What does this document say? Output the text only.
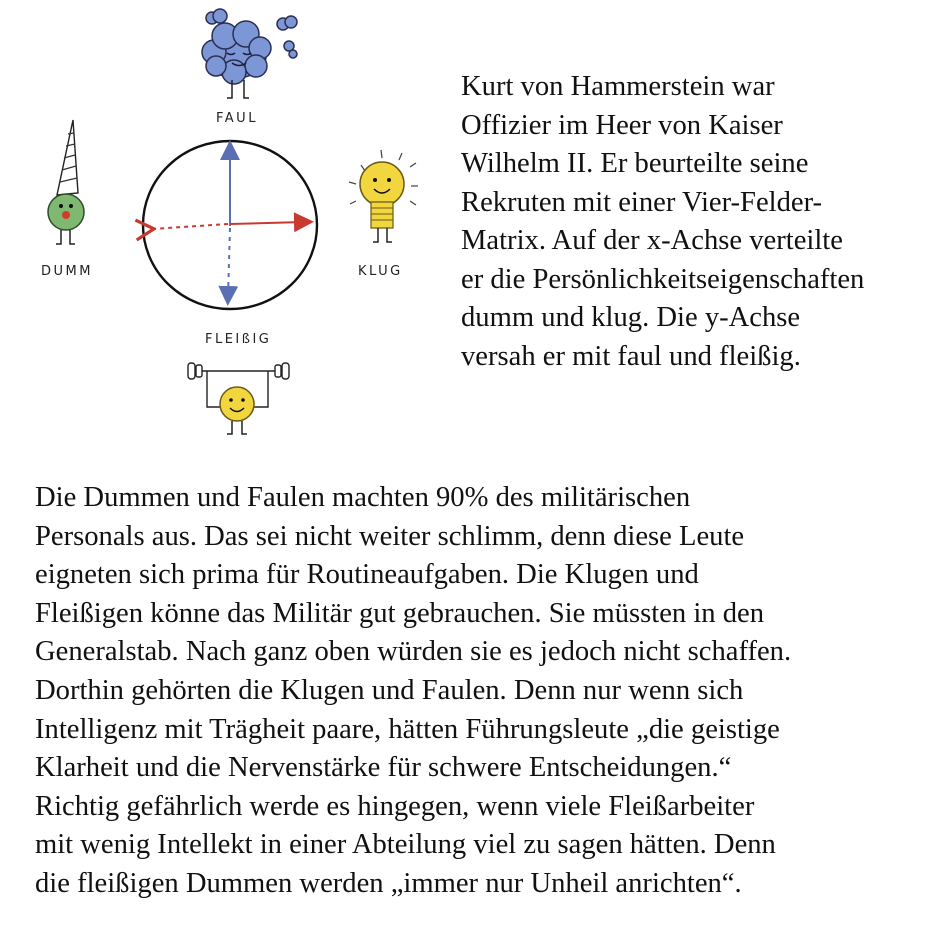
FAUL
DUMM	KLUG
FLEIßIG

Kurt von Hammerstein war
Offizier im Heer von Kaiser
Wilhelm II. Er beurteilte seine
Rekruten mit einer Vier-Felder-
Matrix. Auf der x-Achse verteilte
er die Persönlichkeitseigenschaften
dumm und klug. Die y-Achse
versah er mit faul und fleißig.

Die Dummen und Faulen machten 90% des militärischen
Personals aus. Das sei nicht weiter schlimm, denn diese Leute
eigneten sich prima für Routineaufgaben. Die Klugen und
Fleißigen könne das Militär gut gebrauchen. Sie müssten in den
Generalstab. Nach ganz oben würden sie es jedoch nicht schaffen.
Dorthin gehörten die Klugen und Faulen. Denn nur wenn sich
Intelligenz mit Trägheit paare, hätten Führungsleute „die geistige
Klarheit und die Nervenstärke für schwere Entscheidungen.“
Richtig gefährlich werde es hingegen, wenn viele Fleißarbeiter
mit wenig Intellekt in einer Abteilung viel zu sagen hätten. Denn
die fleißigen Dummen werden „immer nur Unheil anrichten“.
